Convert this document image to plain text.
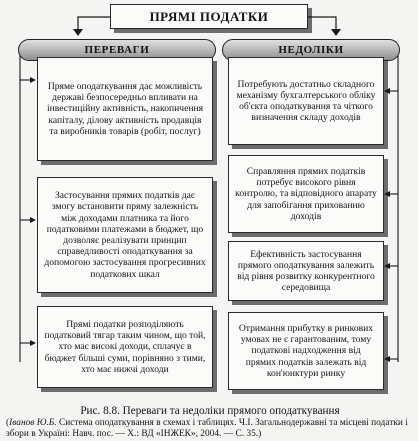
ПРЯМІ ПОДАТКИ
ПЕРЕВАГИ	НЕДОЛІКИ
Пряме оподаткування дає можливість державі безпосередньо впливати на інвестиційну активність, накопичення капіталу, ділову активність продавців та виробників товарів (робіт, послуг)
Застосування прямих податків дає змогу встановити пряму залежність між доходами платника та його податковими платежами в бюджет, що дозволяє реалізувати принцип справедливості оподаткування за допомогою застосування прогресивних податкових шкал
Прямі податки розподіляють податковий тягар таким чином, що той, хто має високі доходи, сплачує в бюджет більші суми, порівняно з тими, хто має нижчі доходи
Потребують достатньо складного механізму бухгалтерського обліку об'єкта оподаткування та чіткого визначення складу доходів
Справляння прямих податків потребує високого рівня контролю, та відповідного апарату для запобігання прихованню доходів
Ефективність застосування прямого оподаткування залежить від рівня розвитку конкурентного середовища
Отримання прибутку в ринкових умовах не є гарантованим, тому податкові надходження від прямих податків залежать від кон'юнктури ринку
Рис. 8.8. Переваги та недоліки прямого оподаткування
(Іванов Ю.Б. Система оподаткування в схемах і таблицях. Ч.І. Загальнодержавні та місцеві податки і збори в Україні: Навч. пос. — Х.: ВД «ІНЖЕК», 2004. — С. 35.)
